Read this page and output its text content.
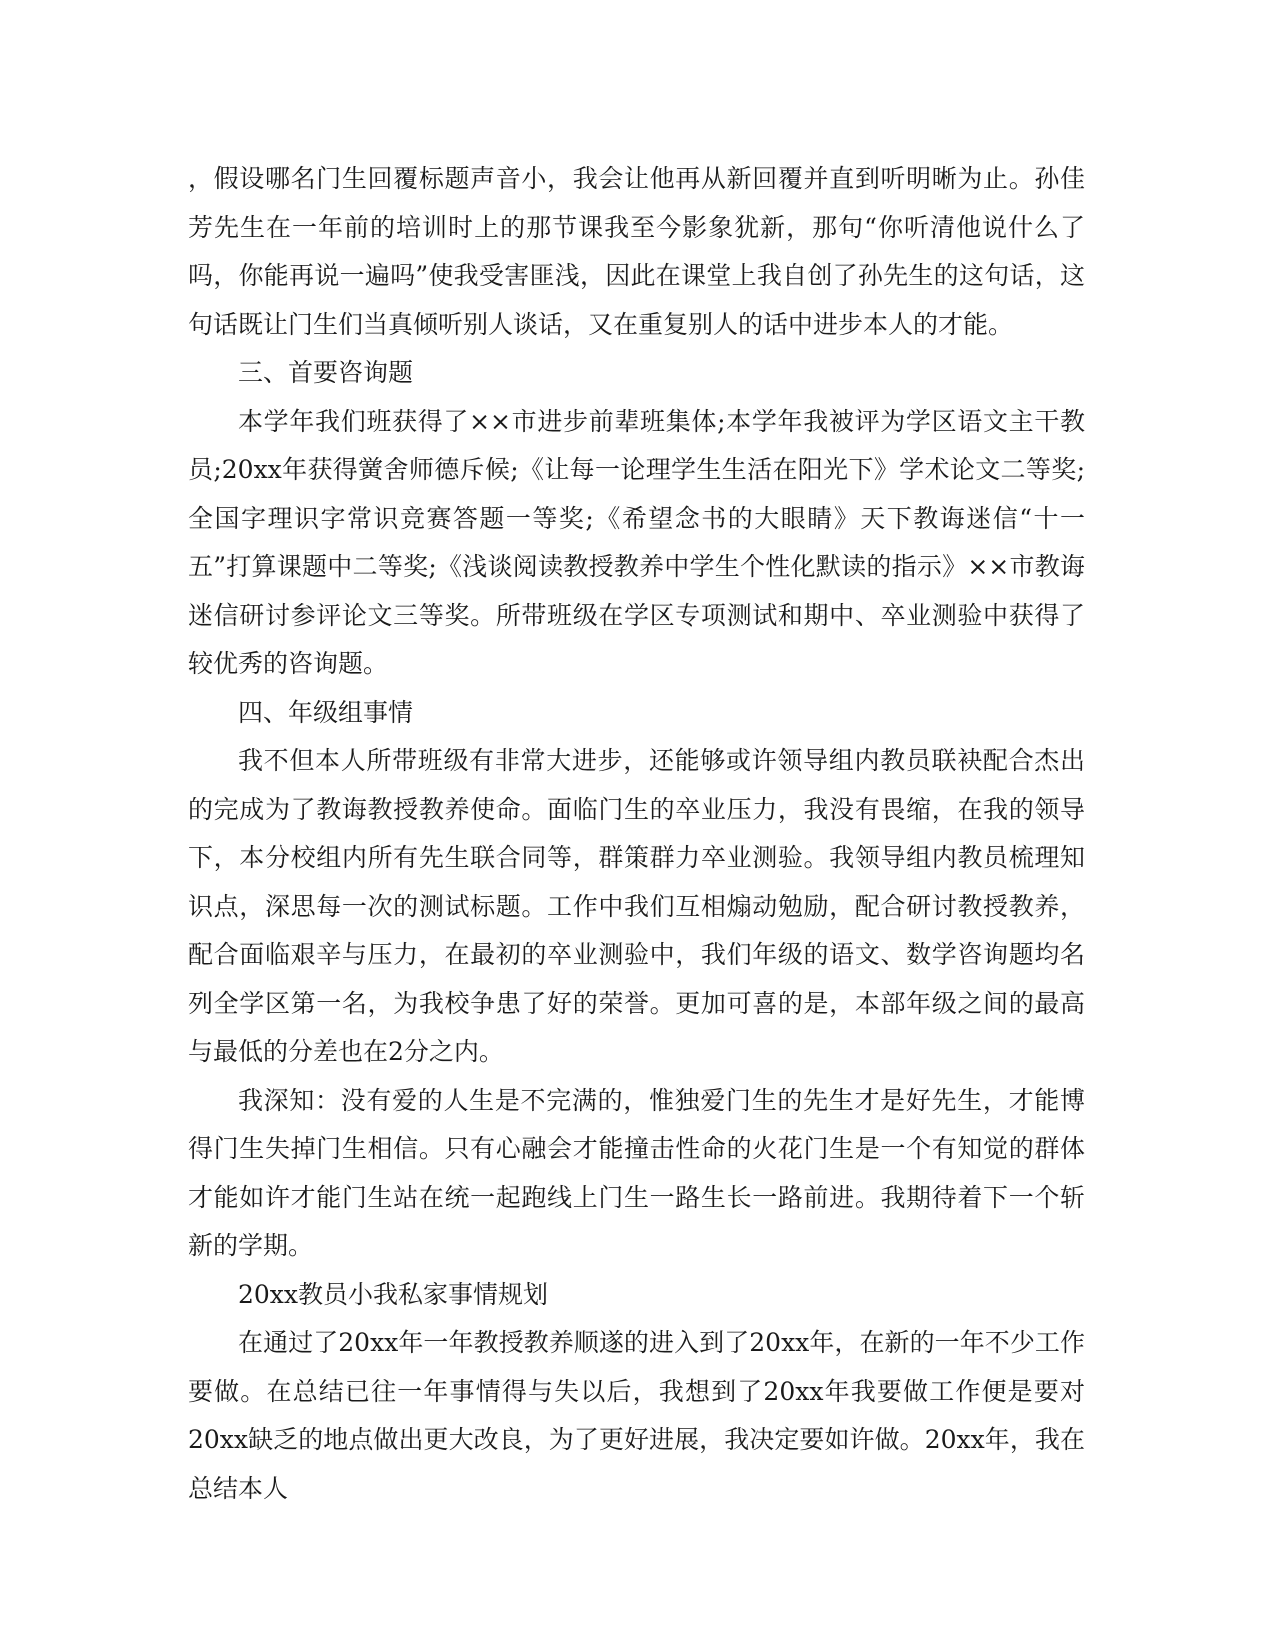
，假设哪名门生回覆标题声音小，我会让他再从新回覆并直到听明晰为止。孙佳芳先生在一年前的培训时上的那节课我至今影象犹新，那句“你听清他说什么了吗，你能再说一遍吗”使我受害匪浅，因此在课堂上我自创了孙先生的这句话，这句话既让门生们当真倾听别人谈话，又在重复别人的话中进步本人的才能。

三、首要咨询题

本学年我们班获得了××市进步前辈班集体;本学年我被评为学区语文主干教员;20xx年获得黉舍师德斥候;《让每一论理学生生活在阳光下》学术论文二等奖;全国字理识字常识竞赛答题一等奖;《希望念书的大眼睛》天下教诲迷信“十一五”打算课题中二等奖;《浅谈阅读教授教养中学生个性化默读的指示》××市教诲迷信研讨参评论文三等奖。所带班级在学区专项测试和期中、卒业测验中获得了较优秀的咨询题。

四、年级组事情

我不但本人所带班级有非常大进步，还能够或许领导组内教员联袂配合杰出的完成为了教诲教授教养使命。面临门生的卒业压力，我没有畏缩，在我的领导下，本分校组内所有先生联合同等，群策群力卒业测验。我领导组内教员梳理知识点，深思每一次的测试标题。工作中我们互相煽动勉励，配合研讨教授教养，配合面临艰辛与压力，在最初的卒业测验中，我们年级的语文、数学咨询题均名列全学区第一名，为我校争患了好的荣誉。更加可喜的是，本部年级之间的最高与最低的分差也在2分之内。

我深知：没有爱的人生是不完满的，惟独爱门生的先生才是好先生，才能博得门生失掉门生相信。只有心融会才能撞击性命的火花门生是一个有知觉的群体才能如许才能门生站在统一起跑线上门生一路生长一路前进。我期待着下一个斩新的学期。

20xx教员小我私家事情规划

在通过了20xx年一年教授教养顺遂的进入到了20xx年，在新的一年不少工作要做。在总结已往一年事情得与失以后，我想到了20xx年我要做工作便是要对20xx缺乏的地点做出更大改良，为了更好进展，我决定要如许做。20xx年，我在总结本人
